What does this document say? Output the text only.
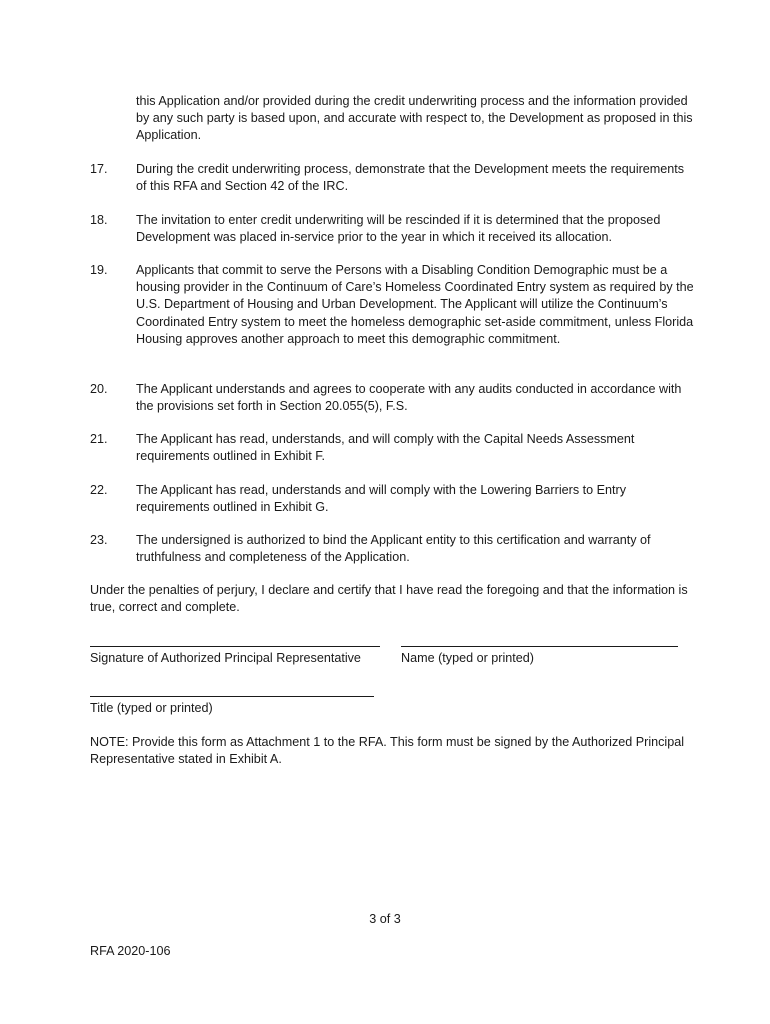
this Application and/or provided during the credit underwriting process and the information provided by any such party is based upon, and accurate with respect to, the Development as proposed in this Application.

17.	During the credit underwriting process, demonstrate that the Development meets the requirements of this RFA and Section 42 of the IRC.
18.	The invitation to enter credit underwriting will be rescinded if it is determined that the proposed Development was placed in-service prior to the year in which it received its allocation.
19.	Applicants that commit to serve the Persons with a Disabling Condition Demographic must be a housing provider in the Continuum of Care’s Homeless Coordinated Entry system as required by the U.S. Department of Housing and Urban Development. The Applicant will utilize the Continuum’s Coordinated Entry system to meet the homeless demographic set-aside commitment, unless Florida Housing approves another approach to meet this demographic commitment.
20.	The Applicant understands and agrees to cooperate with any audits conducted in accordance with the provisions set forth in Section 20.055(5), F.S.
21.	The Applicant has read, understands, and will comply with the Capital Needs Assessment requirements outlined in Exhibit F.
22.	The Applicant has read, understands and will comply with the Lowering Barriers to Entry requirements outlined in Exhibit G.
23.	The undersigned is authorized to bind the Applicant entity to this certification and warranty of truthfulness and completeness of the Application.

Under the penalties of perjury, I declare and certify that I have read the foregoing and that the information is true, correct and complete.

Signature of Authorized Principal Representative	Name (typed or printed)
Title (typed or printed)

NOTE: Provide this form as Attachment 1 to the RFA. This form must be signed by the Authorized Principal Representative stated in Exhibit A.

3 of 3
RFA 2020-106
